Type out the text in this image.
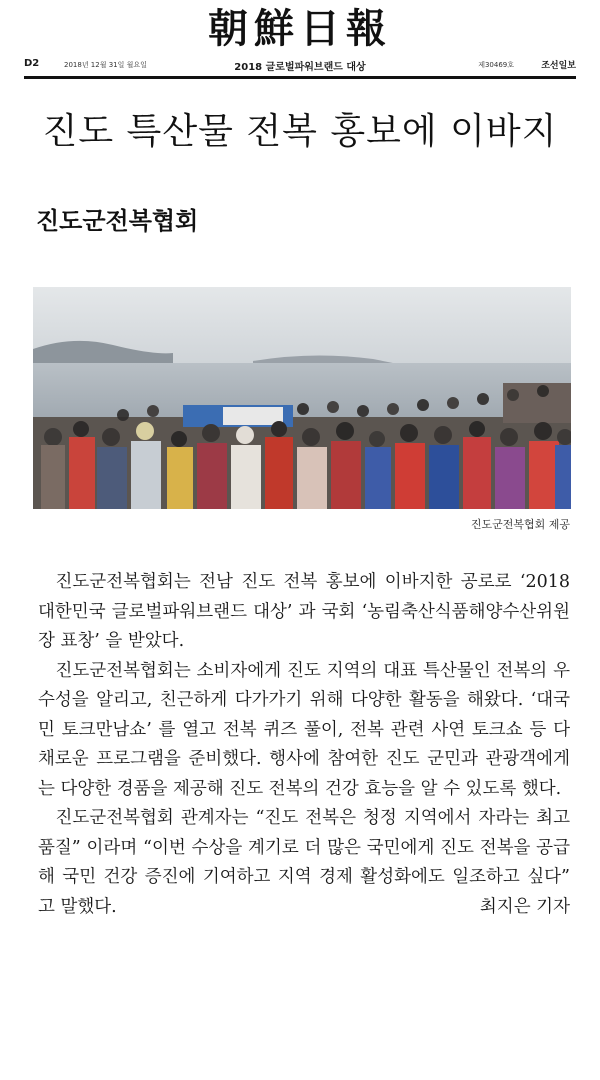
朝鮮日報
D2	2018년 12월 31일 월요일	2018 글로벌파워브랜드 대상	제30469호	조선일보
진도 특산물 전복 홍보에 이바지
진도군전복협회
진도군전복협회 제공

진도군전복협회는 전남 진도 전복 홍보에 이바지한 공로로 ‘2018 대한민국 글로벌파워브랜드 대상’ 과 국회 ‘농림축산식품해양수산위원장 표창’ 을 받았다.

진도군전복협회는 소비자에게 진도 지역의 대표 특산물인 전복의 우수성을 알리고, 친근하게 다가가기 위해 다양한 활동을 해왔다. ‘대국민 토크만남쇼’ 를 열고 전복 퀴즈 풀이, 전복 관련 사연 토크쇼 등 다채로운 프로그램을 준비했다. 행사에 참여한 진도 군민과 관광객에게는 다양한 경품을 제공해 진도 전복의 건강 효능을 알 수 있도록 했다.

진도군전복협회 관계자는 “진도 전복은 청정 지역에서 자라는 최고 품질” 이라며 “이번 수상을 계기로 더 많은 국민에게 진도 전복을 공급해 국민 건강 증진에 기여하고 지역 경제 활성화에도 일조하고 싶다” 고 말했다.	최지은 기자
